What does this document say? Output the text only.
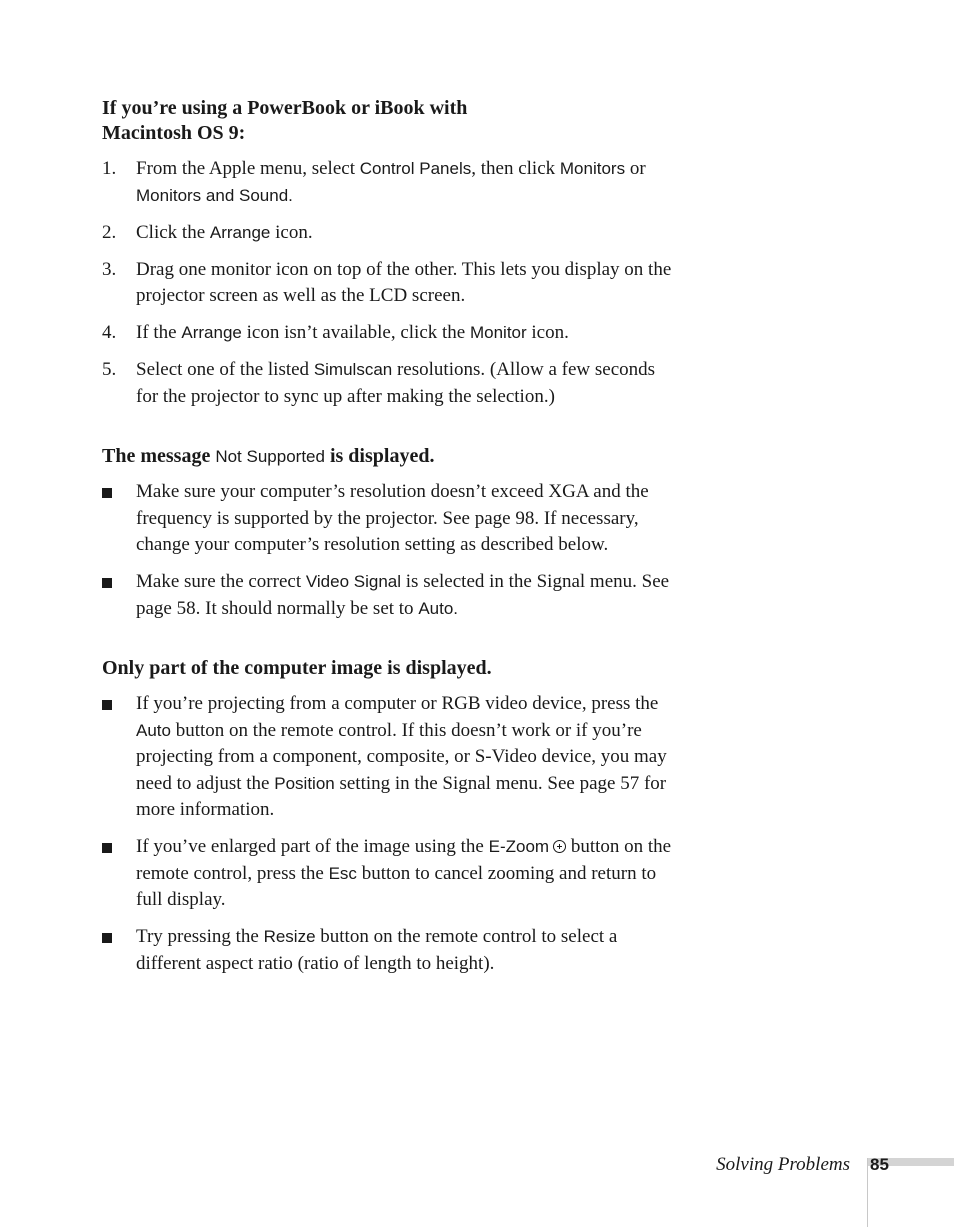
If you’re using a PowerBook or iBook with
Macintosh OS 9:
1. From the Apple menu, select Control Panels, then click Monitors or Monitors and Sound.
2. Click the Arrange icon.
3. Drag one monitor icon on top of the other. This lets you display on the projector screen as well as the LCD screen.
4. If the Arrange icon isn’t available, click the Monitor icon.
5. Select one of the listed Simulscan resolutions. (Allow a few seconds for the projector to sync up after making the selection.)
The message Not Supported is displayed.
Make sure your computer’s resolution doesn’t exceed XGA and the frequency is supported by the projector. See page 98. If necessary, change your computer’s resolution setting as described below.
Make sure the correct Video Signal is selected in the Signal menu. See page 58. It should normally be set to Auto.
Only part of the computer image is displayed.
If you’re projecting from a computer or RGB video device, press the Auto button on the remote control. If this doesn’t work or if you’re projecting from a component, composite, or S-Video device, you may need to adjust the Position setting in the Signal menu. See page 57 for more information.
If you’ve enlarged part of the image using the E-Zoom button on the remote control, press the Esc button to cancel zooming and return to full display.
Try pressing the Resize button on the remote control to select a different aspect ratio (ratio of length to height).
Solving Problems 85
